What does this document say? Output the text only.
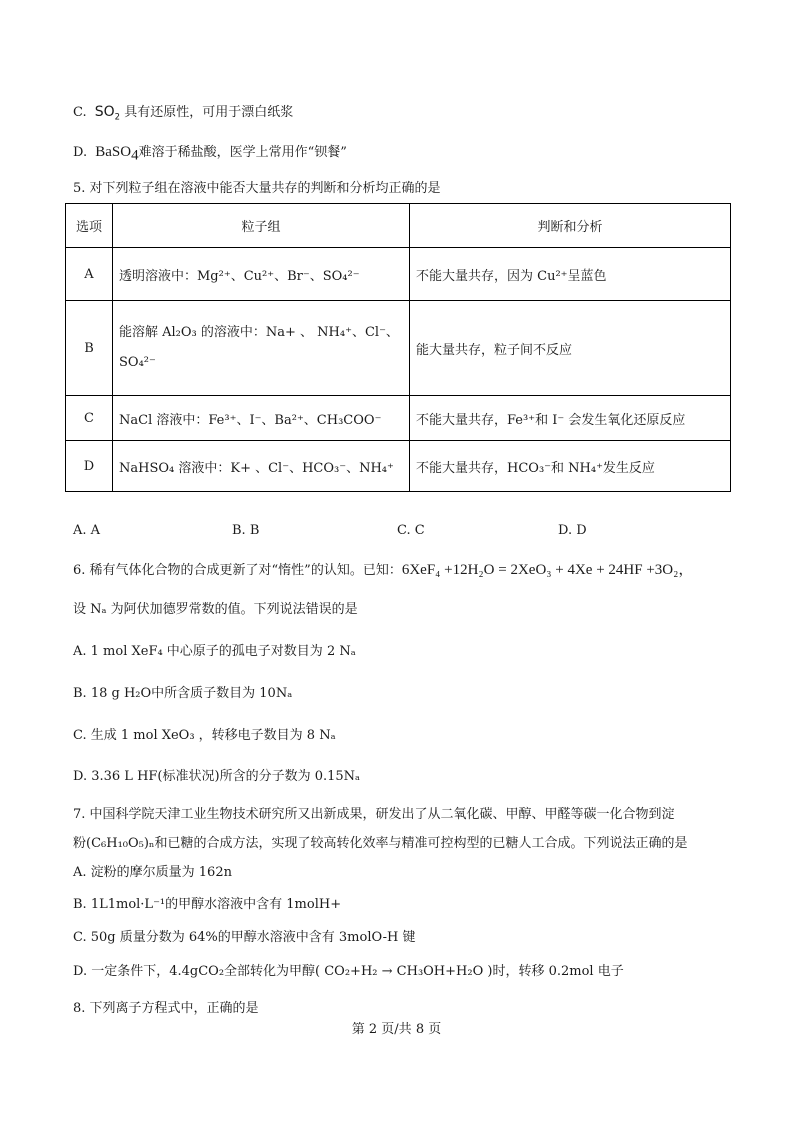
C. $SO_2$ 具有还原性，可用于漂白纸浆
D. BaSO$_4$难溶于稀盐酸，医学上常用作“钡餐”
5. 对下列粒子组在溶液中能否大量共存的判断和分析均正确的是
选项	粒子组	判断和分析
A	透明溶液中：Mg²⁺、Cu²⁺、Br⁻、SO₄²⁻	不能大量共存，因为 Cu²⁺呈蓝色
B	能溶解 Al₂O₃ 的溶液中：Na+ 、 NH₄⁺、Cl⁻、SO₄²⁻	能大量共存，粒子间不反应
C	NaCl 溶液中：Fe³⁺、I⁻、Ba²⁺、CH₃COO⁻	不能大量共存，Fe³⁺和 I⁻ 会发生氧化还原反应
D	NaHSO₄ 溶液中：K+ 、Cl⁻、HCO₃⁻、NH₄⁺	不能大量共存，HCO₃⁻和 NH₄⁺发生反应
A. A	B. B	C. C	D. D
6. 稀有气体化合物的合成更新了对“惰性”的认知。已知：6XeF₄ +12H₂O = 2XeO₃ + 4Xe + 24HF +3O₂，
设 Nₐ 为阿伏加德罗常数的值。下列说法错误的是
A. 1 mol XeF₄ 中心原子的孤电子对数目为 2 Nₐ
B. 18 g H₂O中所含质子数目为 10Nₐ
C. 生成 1 mol XeO₃ ，转移电子数目为 8 Nₐ
D. 3.36 L HF(标准状况)所含的分子数为 0.15Nₐ
7. 中国科学院天津工业生物技术研究所又出新成果，研发出了从二氧化碳、甲醇、甲醛等碳一化合物到淀
粉(C₆H₁₀O₅)ₙ和已糖的合成方法，实现了较高转化效率与精准可控构型的已糖人工合成。下列说法正确的是
A. 淀粉的摩尔质量为 162n
B. 1L1mol·L⁻¹的甲醇水溶液中含有 1molH+
C. 50g 质量分数为 64%的甲醇水溶液中含有 3molO-H 键
D. 一定条件下，4.4gCO₂全部转化为甲醇( CO₂+H₂ → CH₃OH+H₂O )时，转移 0.2mol 电子
8. 下列离子方程式中，正确的是
第 2 页/共 8 页
